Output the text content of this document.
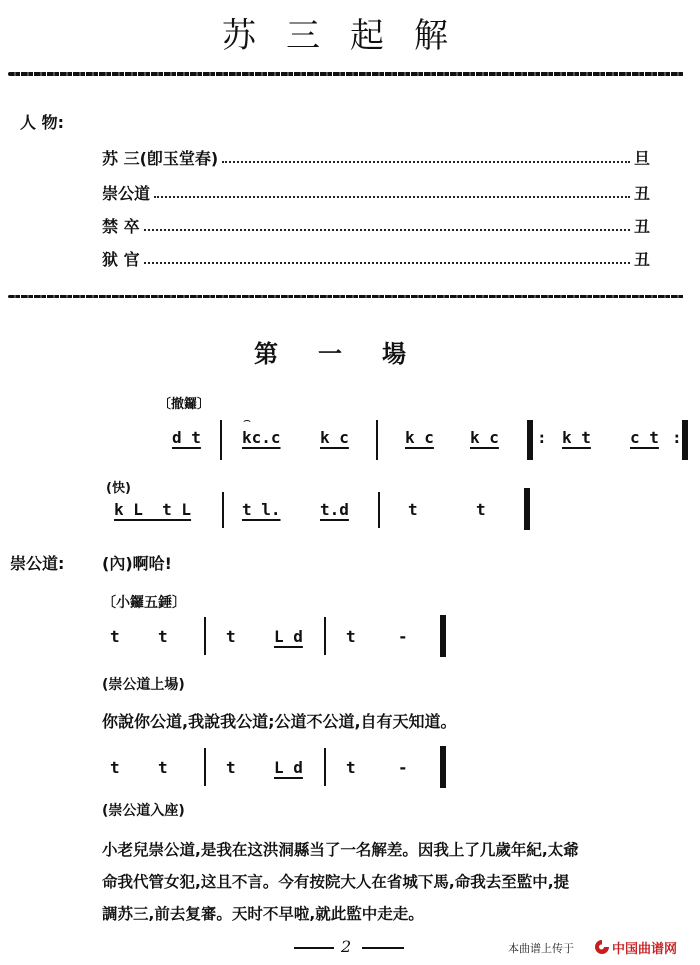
苏三起解
人 物:
苏 三(卽玉堂春)	旦
崇公道	丑
禁 卒	丑
狱 官	丑
第一場
〔撤鑼〕
d t	kc.c
⌢
k c	k c k c : k t c t :
(快)
k L  t L	t l. t.d	t	t
崇公道: (內)啊哈!
〔小鑼五錘〕
t t	t L d	t	-
(崇公道上場)
你說你公道,我說我公道;公道不公道,自有天知道。
t t	t L d	t	-
(崇公道入座)
小老兒崇公道,是我在这洪洞縣当了一名解差。因我上了几歲年紀,太爺
命我代管女犯,这且不言。今有按院大人在省城下馬,命我去至監中,提
調苏三,前去复審。天时不早啦,就此監中走走。
2	本曲谱上传于	中国曲谱网
